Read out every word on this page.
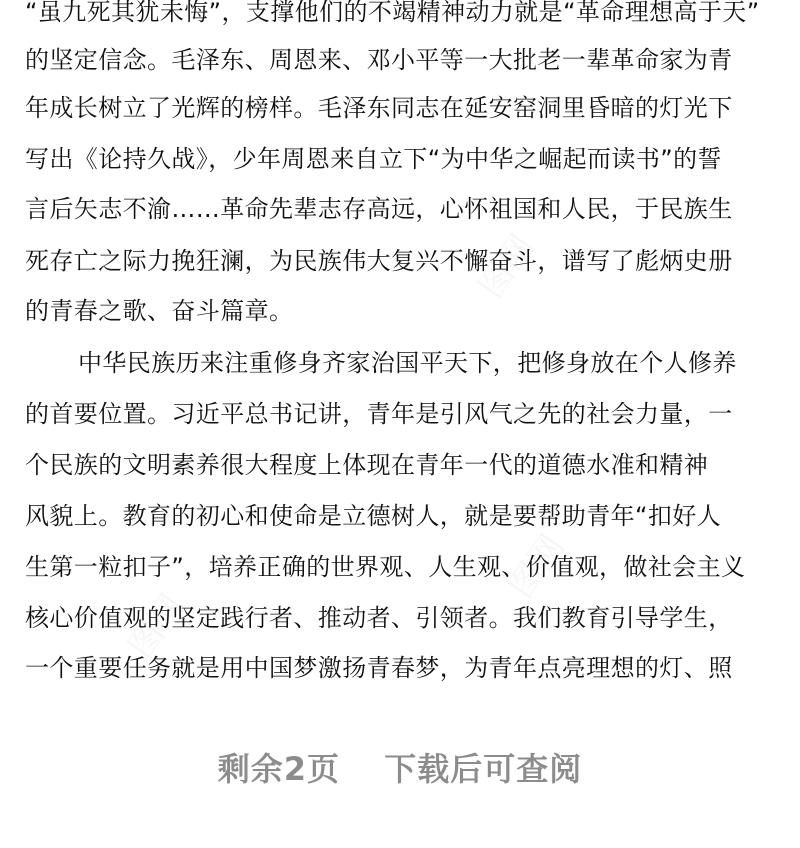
“虽九死其犹未悔”，支撑他们的不竭精神动力就是“革命理想高于天”
的坚定信念。毛泽东、周恩来、邓小平等一大批老一辈革命家为青
年成长树立了光辉的榜样。毛泽东同志在延安窑洞里昏暗的灯光下
写出《论持久战》，少年周恩来自立下“为中华之崛起而读书”的誓
言后矢志不渝……革命先辈志存高远，心怀祖国和人民，于民族生
死存亡之际力挽狂澜，为民族伟大复兴不懈奋斗，谱写了彪炳史册
的青春之歌、奋斗篇章。
中华民族历来注重修身齐家治国平天下，把修身放在个人修养
的首要位置。习近平总书记讲，青年是引风气之先的社会力量，一
个民族的文明素养很大程度上体现在青年一代的道德水准和精神
风貌上。教育的初心和使命是立德树人，就是要帮助青年“扣好人
生第一粒扣子”，培养正确的世界观、人生观、价值观，做社会主义
核心价值观的坚定践行者、推动者、引领者。我们教育引导学生，
一个重要任务就是用中国梦激扬青春梦，为青年点亮理想的灯、照
剩余2页 下载后可查阅
